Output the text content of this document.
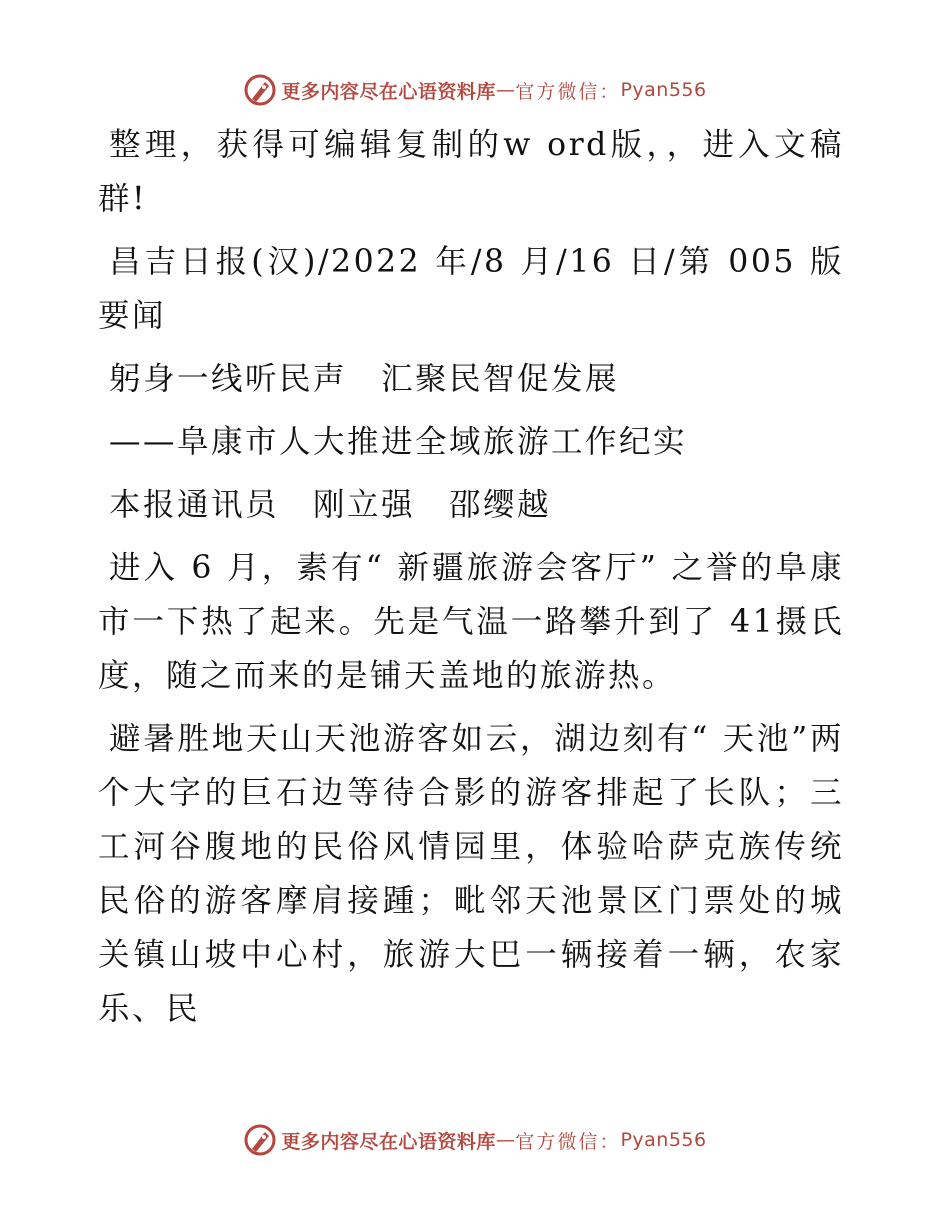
更多内容尽在心语资料库 — 官方微信： Pyan556

整理，获得可编辑复制的w ord版，，进入文稿群!

昌吉日报(汉)/2022 年/8 月/16 日/第 005 版要闻

躬身一线听民声　汇聚民智促发展

——阜康市人大推进全域旅游工作纪实

本报通讯员　刚立强　邵缨越

进入 6 月，素有“ 新疆旅游会客厅” 之誉的阜康市一下热了起来。先是气温一路攀升到了 41摄氏度，随之而来的是铺天盖地的旅游热。

避暑胜地天山天池游客如云，湖边刻有“ 天池”两个大字的巨石边等待合影的游客排起了长队；三工河谷腹地的民俗风情园里，体验哈萨克族传统民俗的游客摩肩接踵；毗邻天池景区门票处的城关镇山坡中心村，旅游大巴一辆接着一辆，农家乐、民

更多内容尽在心语资料库 — 官方微信： Pyan556
